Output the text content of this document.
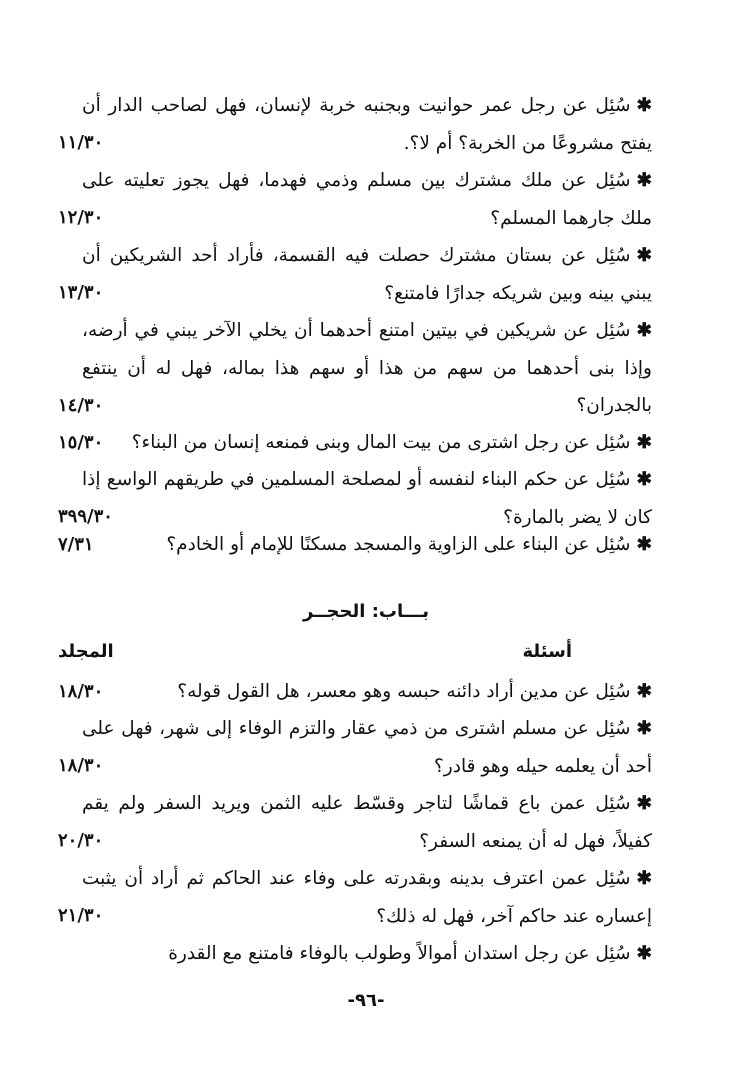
✱سُئِل عن رجل عمر حوانيت وبجنبه خربة لإنسان، فهل لصاحب الدار أن يفتح مشروعًا من الخربة؟ أم لا؟.
١١/٣٠
✱سُئِل عن ملك مشترك بين مسلم وذمي فهدما، فهل يجوز تعليته على ملك جارهما المسلم؟
١٢/٣٠
✱سُئِل عن بستان مشترك حصلت فيه القسمة، فأراد أحد الشريكين أن يبني بينه وبين شريكه جدارًا فامتنع؟
١٣/٣٠
✱سُئِل عن شريكين في بيتين امتنع أحدهما أن يخلي الآخر يبني في أرضه، وإذا بنى أحدهما من سهم من هذا أو سهم هذا بماله، فهل له أن ينتفع بالجدران؟
١٤/٣٠
✱سُئِل عن رجل اشترى من بيت المال وبنى فمنعه إنسان من البناء؟
١٥/٣٠
✱سُئِل عن حكم البناء لنفسه أو لمصلحة المسلمين في طريقهم الواسع إذا كان لا يضر بالمارة؟
٣٩٩/٣٠
✱سُئِل عن البناء على الزاوية والمسجد مسكنًا للإمام أو الخادم؟
٧/٣١
بـــاب: الحجــر
أسئلة
المجلد
✱سُئِل عن مدين أراد دائنه حبسه وهو معسر، هل القول قوله؟
١٨/٣٠
✱سُئِل عن مسلم اشترى من ذمي عقار والتزم الوفاء إلى شهر، فهل على أحد أن يعلمه حيله وهو قادر؟
١٨/٣٠
✱سُئِل عمن باع قماشًا لتاجر وقسّط عليه الثمن ويريد السفر ولم يقم كفيلاً، فهل له أن يمنعه السفر؟
٢٠/٣٠
✱سُئِل عمن اعترف بدينه وبقدرته على وفاء عند الحاكم ثم أراد أن يثبت إعساره عند حاكم آخر، فهل له ذلك؟
٢١/٣٠
✱سُئِل عن رجل استدان أموالاً وطولب بالوفاء فامتنع مع القدرة
-٩٦-
